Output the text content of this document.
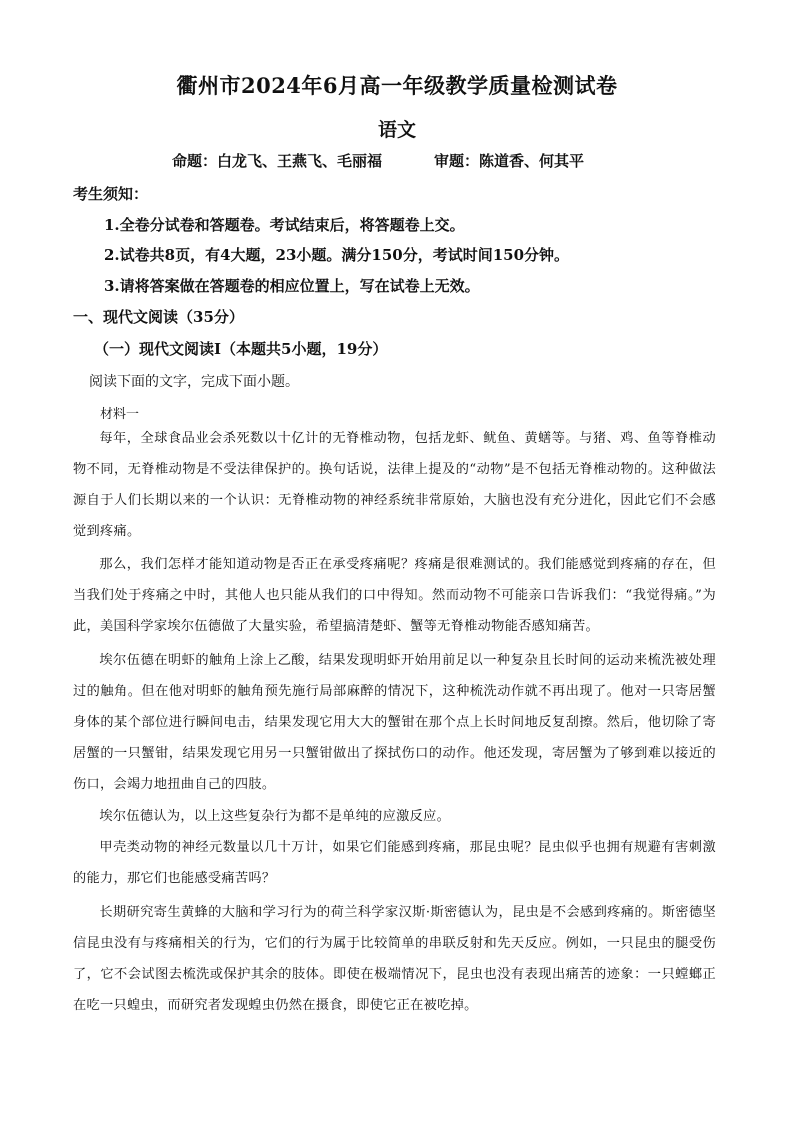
衢州市2024年6月高一年级教学质量检测试卷
语文
命题：白龙飞、王燕飞、毛丽福	审题：陈道香、何其平
考生须知：
1.全卷分试卷和答题卷。考试结束后，将答题卷上交。
2.试卷共8页，有4大题，23小题。满分150分，考试时间150分钟。
3.请将答案做在答题卷的相应位置上，写在试卷上无效。
一、现代文阅读（35分）
（一）现代文阅读Ⅰ（本题共5小题，19分）
阅读下面的文字，完成下面小题。
材料一

每年，全球食品业会杀死数以十亿计的无脊椎动物，包括龙虾、鱿鱼、黄蟮等。与猪、鸡、鱼等脊椎动物不同，无脊椎动物是不受法律保护的。换句话说，法律上提及的“动物”是不包括无脊椎动物的。这种做法源自于人们长期以来的一个认识：无脊椎动物的神经系统非常原始，大脑也没有充分进化，因此它们不会感觉到疼痛。

那么，我们怎样才能知道动物是否正在承受疼痛呢？疼痛是很难测试的。我们能感觉到疼痛的存在，但当我们处于疼痛之中时，其他人也只能从我们的口中得知。然而动物不可能亲口告诉我们：“我觉得痛。”为此，美国科学家埃尔伍德做了大量实验，希望搞清楚虾、蟹等无脊椎动物能否感知痛苦。

埃尔伍德在明虾的触角上涂上乙酸，结果发现明虾开始用前足以一种复杂且长时间的运动来梳洗被处理过的触角。但在他对明虾的触角预先施行局部麻醉的情况下，这种梳洗动作就不再出现了。他对一只寄居蟹身体的某个部位进行瞬间电击，结果发现它用大大的蟹钳在那个点上长时间地反复刮擦。然后，他切除了寄居蟹的一只蟹钳，结果发现它用另一只蟹钳做出了探拭伤口的动作。他还发现，寄居蟹为了够到难以接近的伤口，会竭力地扭曲自己的四肢。

埃尔伍德认为，以上这些复杂行为都不是单纯的应激反应。

甲壳类动物的神经元数量以几十万计，如果它们能感到疼痛，那昆虫呢？昆虫似乎也拥有规避有害刺激的能力，那它们也能感受痛苦吗？

长期研究寄生黄蜂的大脑和学习行为的荷兰科学家汉斯·斯密德认为，昆虫是不会感到疼痛的。斯密德坚信昆虫没有与疼痛相关的行为，它们的行为属于比较简单的串联反射和先天反应。例如，一只昆虫的腿受伤了，它不会试图去梳洗或保护其余的肢体。即使在极端情况下，昆虫也没有表现出痛苦的迹象：一只螳螂正在吃一只蝗虫，而研究者发现蝗虫仍然在摄食，即使它正在被吃掉。
